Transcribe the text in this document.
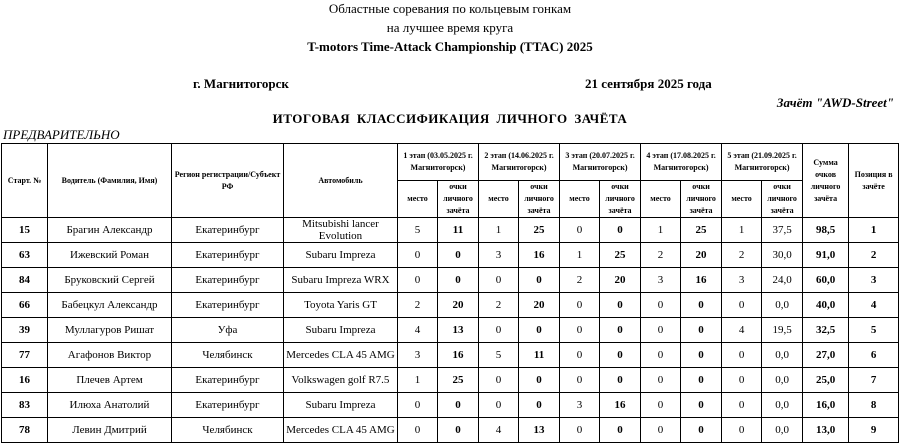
Областные соревания по кольцевым гонкам
на лучшее время круга
T-motors Time-Attack Championship (TTAC) 2025
г. Магнитогорск	21 сентября 2025 года
Зачёт "AWD-Street"
ИТОГОВАЯ КЛАССИФИКАЦИЯ ЛИЧНОГО ЗАЧЁТА
ПРЕДВАРИТЕЛЬНО
Старт. №	Водитель (Фамилия, Имя)	Регион регистрации/Субъект РФ	Автомобиль	1 этап (03.05.2025 г. Магнитогорск)		2 этап (14.06.2025 г. Магнитогорск)		3 этап (20.07.2025 г. Магнитогорск)		4 этап (17.08.2025 г. Магнитогорск)		5 этап (21.09.2025 г. Магнитогорск)		Сумма очков личного зачёта	Позиция в зачёте
				место	очки личного зачёта	место	очки личного зачёта	место	очки личного зачёта	место	очки личного зачёта	место	очки личного зачёта		
15	Брагин Александр	Екатеринбург	Mitsubishi lancer Evolution	5	11	1	25	0	0	1	25	1	37,5	98,5	1
63	Ижевский Роман	Екатеринбург	Subaru Impreza	0	0	3	16	1	25	2	20	2	30,0	91,0	2
84	Бруковский Сергей	Екатеринбург	Subaru Impreza WRX	0	0	0	0	2	20	3	16	3	24,0	60,0	3
66	Бабецкул Александр	Екатеринбург	Toyota Yaris GT	2	20	2	20	0	0	0	0	0	0,0	40,0	4
39	Муллагуров Ришат	Уфа	Subaru Impreza	4	13	0	0	0	0	0	0	4	19,5	32,5	5
77	Агафонов Виктор	Челябинск	Mercedes CLA 45 AMG	3	16	5	11	0	0	0	0	0	0,0	27,0	6
16	Плечев Артем	Екатеринбург	Volkswagen golf R7.5	1	25	0	0	0	0	0	0	0	0,0	25,0	7
83	Илюха Анатолий	Екатеринбург	Subaru Impreza	0	0	0	0	3	16	0	0	0	0,0	16,0	8
78	Левин Дмитрий	Челябинск	Mercedes CLA 45 AMG	0	0	4	13	0	0	0	0	0	0,0	13,0	9
